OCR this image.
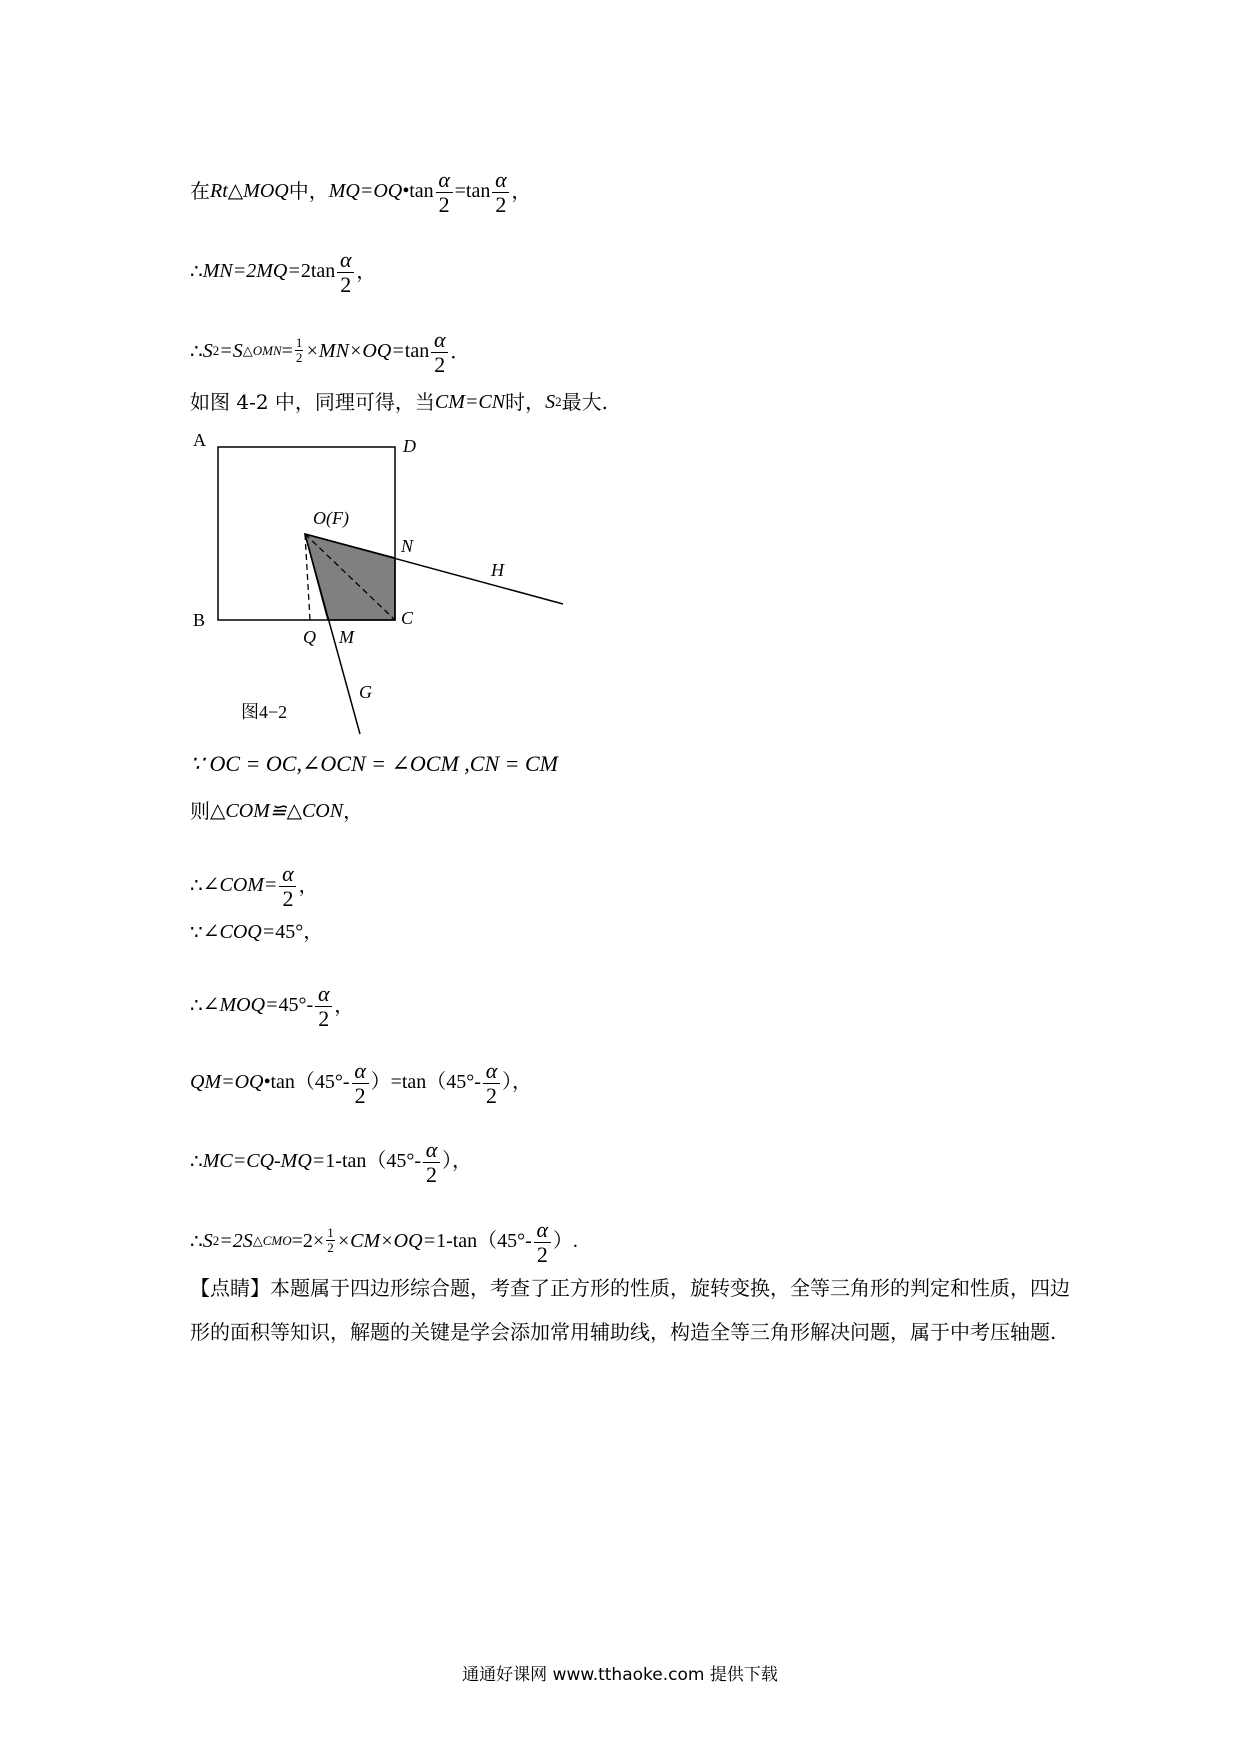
在 Rt △MOQ 中， MQ=OQ• $\tan \frac{\alpha}{2} =\tan \frac{\alpha}{2}$ ，
∴ $MN=2MQ= 2\tan \frac{\alpha}{2}$ ，
∴ S 2 =S △OMN = $\frac{1}{2} \times MN\times OQ= \tan \frac{\alpha}{2}$ ．
如图 4-2 中，同理可得，当 CM=CN 时， S 2 最大.
A	D
B	C
O(F)
N
H
Q M
G
图4−2
∵ OC = OC,∠OCN = ∠OCM ,CN = CM
则 △COM≌△CON ，
∴ ∠COM= $\frac{\alpha}{2}$ ，
∵ ∠COQ= 45°，
∴ ∠MOQ= $45^\circ- \frac{\alpha}{2}$ ，
QM=OQ• $\tan(45^\circ- \frac{\alpha}{2} )=\tan(45^\circ- \frac{\alpha}{2}$ ），
∴ $MC=CQ-MQ= 1-\tan(45^\circ- \frac{\alpha}{2}$ ），
∴ S 2 =2S △CMO $=2\times \frac{1}{2} \times CM\times OQ= 1-\tan(45^\circ- \frac{\alpha}{2}$ ）.
【点睛】本题属于四边形综合题，考查了正方形的性质，旋转变换，全等三角形的判定和性质，四边形的面积等知识，解题的关键是学会添加常用辅助线，构造全等三角形解决问题，属于中考压轴题.
通通好课网 www.tthaoke.com 提供下载
